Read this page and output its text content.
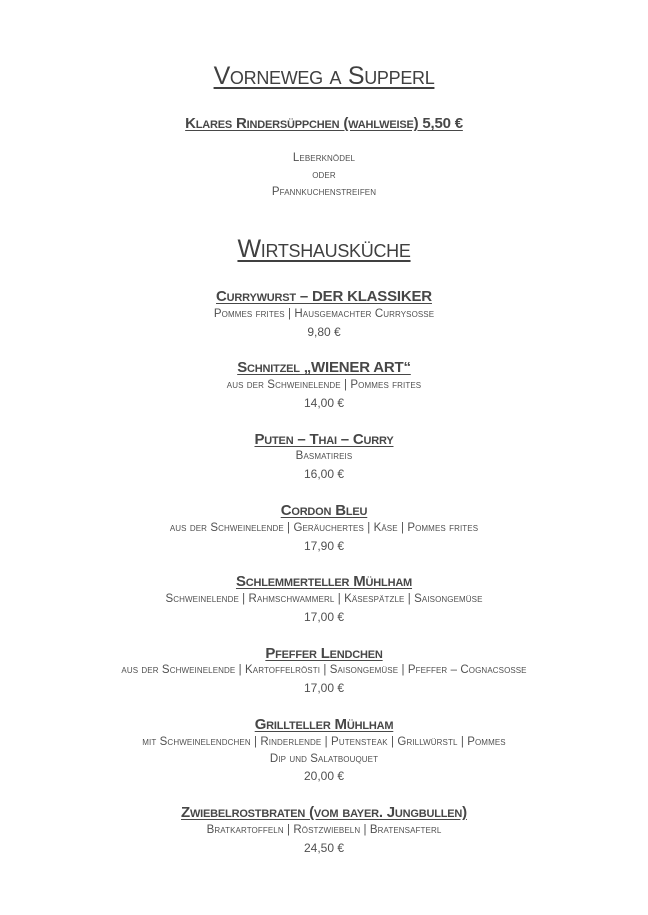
Vorneweg a Supperl
Klares Rindersüppchen (wahlweise) 5,50 €
Leberknödel
oder
Pfannkuchenstreifen
Wirtshausküche
Currywurst – DER KLASSIKER
Pommes frites | Hausgemachter Currysoße
9,80 €
Schnitzel „WIENER ART“
aus der Schweinelende | Pommes frites
14,00 €
Puten – Thai – Curry
Basmatireis
16,00 €
Cordon Bleu
aus der Schweinelende | Geräuchertes | Käse | Pommes frites
17,90 €
Schlemmerteller Mühlham
Schweinelende | Rahmschwammerl | Käsespätzle | Saisongemüse
17,00 €
Pfeffer Lendchen
aus der Schweinelende | Kartoffelrösti | Saisongemüse | Pfeffer – Cognacsoße
17,00 €
Grillteller Mühlham
mit Schweinelendchen | Rinderlende | Putensteak | Grillwürstl | Pommes
Dip und Salatbouquet
20,00 €
Zwiebelrostbraten (vom bayer. Jungbullen)
Bratkartoffeln | Röstzwiebeln | Bratensafterl
24,50 €
